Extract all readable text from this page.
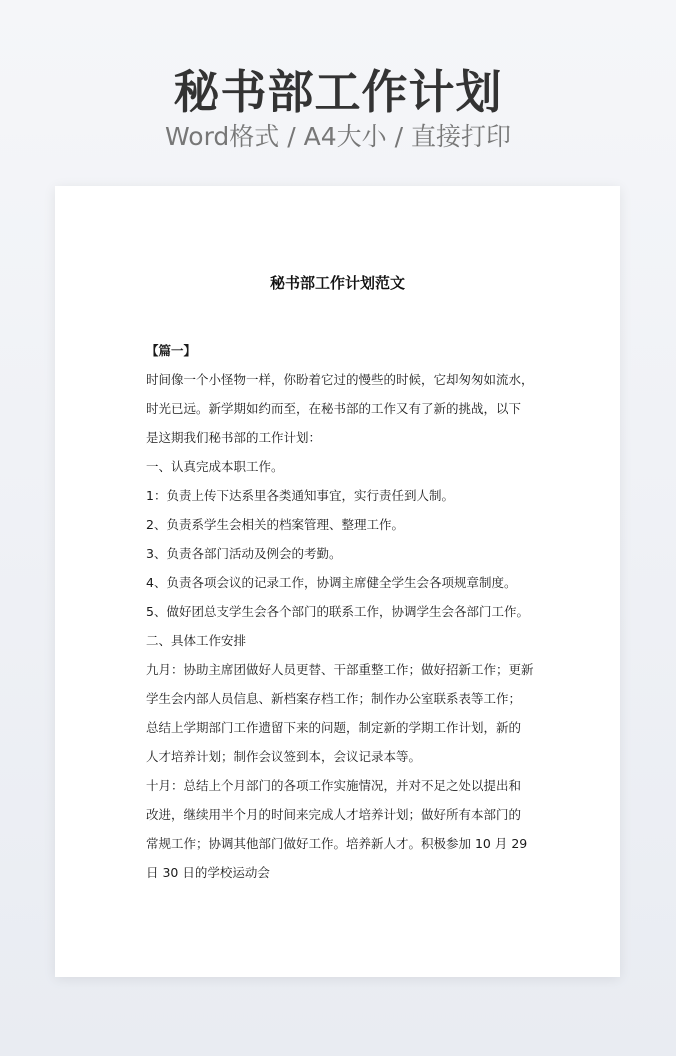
秘书部工作计划
Word格式 / A4大小 / 直接打印
秘书部工作计划范文
【篇一】
时间像一个小怪物一样，你盼着它过的慢些的时候，它却匆匆如流水，
时光已远。新学期如约而至，在秘书部的工作又有了新的挑战，以下
是这期我们秘书部的工作计划：
一、认真完成本职工作。
1：负责上传下达系里各类通知事宜，实行责任到人制。
2、负责系学生会相关的档案管理、整理工作。
3、负责各部门活动及例会的考勤。
4、负责各项会议的记录工作，协调主席健全学生会各项规章制度。
5、做好团总支学生会各个部门的联系工作，协调学生会各部门工作。
二、具体工作安排
九月：协助主席团做好人员更替、干部重整工作；做好招新工作；更新
学生会内部人员信息、新档案存档工作；制作办公室联系表等工作；
总结上学期部门工作遗留下来的问题，制定新的学期工作计划，新的
人才培养计划；制作会议签到本，会议记录本等。
十月：总结上个月部门的各项工作实施情况，并对不足之处以提出和
改进，继续用半个月的时间来完成人才培养计划；做好所有本部门的
常规工作；协调其他部门做好工作。培养新人才。积极参加 10 月 29
日 30 日的学校运动会
